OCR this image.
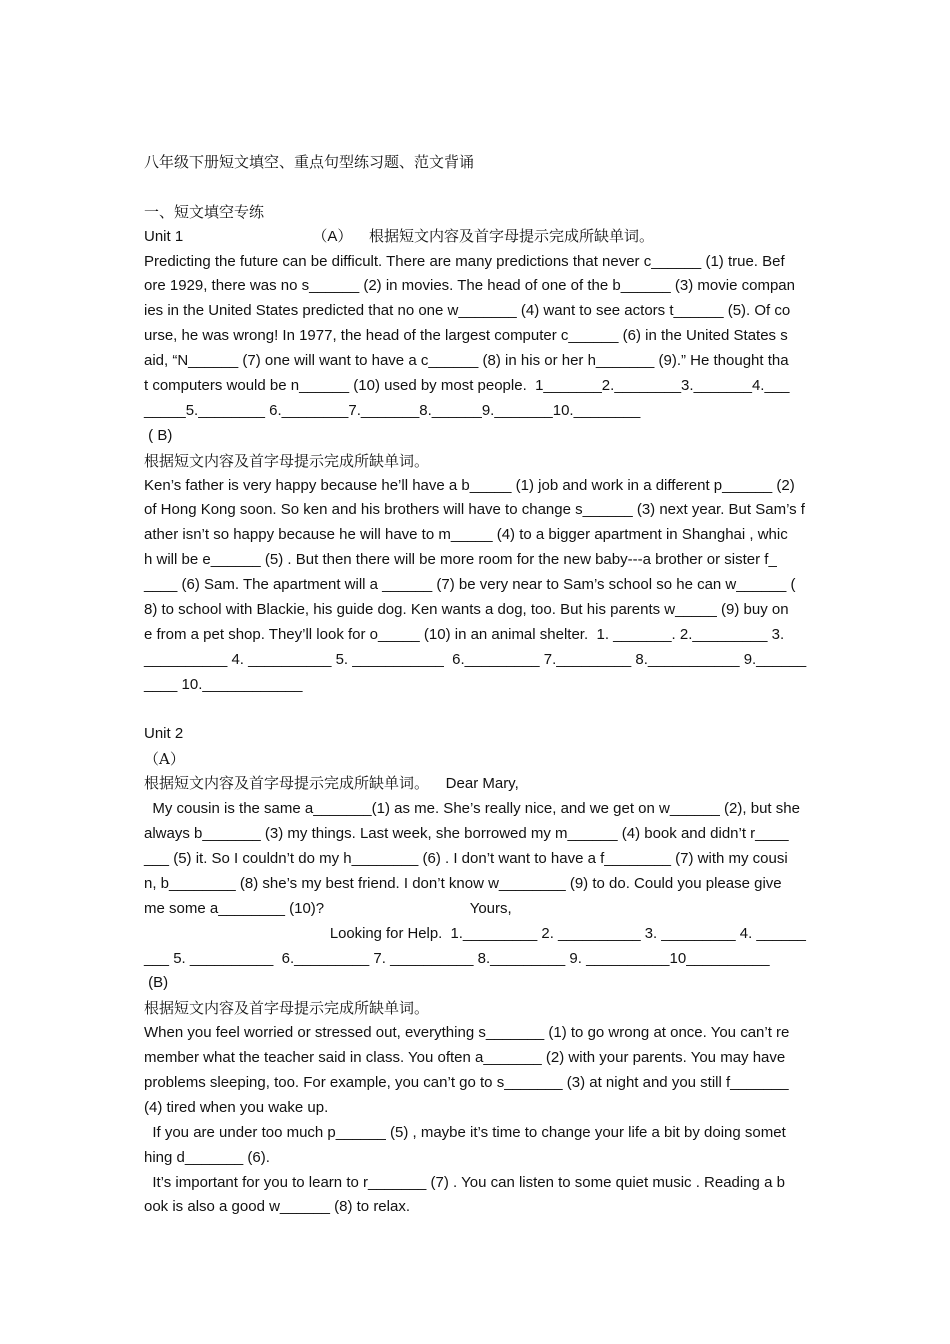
八年级下册短文填空、重点句型练习题、范文背诵
一、短文填空专练
Unit 1                               （A）    根据短文内容及首字母提示完成所缺单词。
Predicting the future can be difficult. There are many predictions that never c______ (1) true. Bef
ore 1929, there was no s______ (2) in movies. The head of one of the b______ (3) movie compan
ies in the United States predicted that no one w_______ (4) want to see actors t______ (5). Of co
urse, he was wrong! In 1977, the head of the largest computer c______ (6) in the United States s
aid, “N______ (7) one will want to have a c______ (8) in his or her h_______ (9).” He thought tha
t computers would be n______ (10) used by most people.  1_______2.________3._______4.___
_____5.________ 6.________7._______8.______9._______10.________
( B)
根据短文内容及首字母提示完成所缺单词。
Ken’s father is very happy because he’ll have a b_____ (1) job and work in a different p______ (2)
of Hong Kong soon. So ken and his brothers will have to change s______ (3) next year. But Sam’s f
ather isn’t so happy because he will have to m_____ (4) to a bigger apartment in Shanghai , whic
h will be e______ (5) . But then there will be more room for the new baby---a brother or sister f_
____ (6) Sam. The apartment will a ______ (7) be very near to Sam’s school so he can w______ (
8) to school with Blackie, his guide dog. Ken wants a dog, too. But his parents w_____ (9) buy on
e from a pet shop. They’ll look for o_____ (10) in an animal shelter.  1. _______. 2._________ 3.
__________ 4. __________ 5. ___________  6._________ 7._________ 8.___________ 9.______
____ 10.____________
Unit 2
（A）
根据短文内容及首字母提示完成所缺单词。    Dear Mary,
My cousin is the same a_______(1) as me. She’s really nice, and we get on w______ (2), but she
always b_______ (3) my things. Last week, she borrowed my m______ (4) book and didn’t r____
___ (5) it. So I couldn’t do my h________ (6) . I don’t want to have a f________ (7) with my cousi
n, b________ (8) she’s my best friend. I don’t know w________ (9) to do. Could you please give
me some a________ (10)?                                   Yours,
Looking for Help.  1._________ 2. __________ 3. _________ 4. ______
___ 5. __________  6._________ 7. __________ 8._________ 9. __________10__________
(B)
根据短文内容及首字母提示完成所缺单词。
When you feel worried or stressed out, everything s_______ (1) to go wrong at once. You can’t re
member what the teacher said in class. You often a_______ (2) with your parents. You may have
problems sleeping, too. For example, you can’t go to s_______ (3) at night and you still f_______
(4) tired when you wake up.
If you are under too much p______ (5) , maybe it’s time to change your life a bit by doing somet
hing d_______ (6).
It’s important for you to learn to r_______ (7) . You can listen to some quiet music . Reading a b
ook is also a good w______ (8) to relax.
